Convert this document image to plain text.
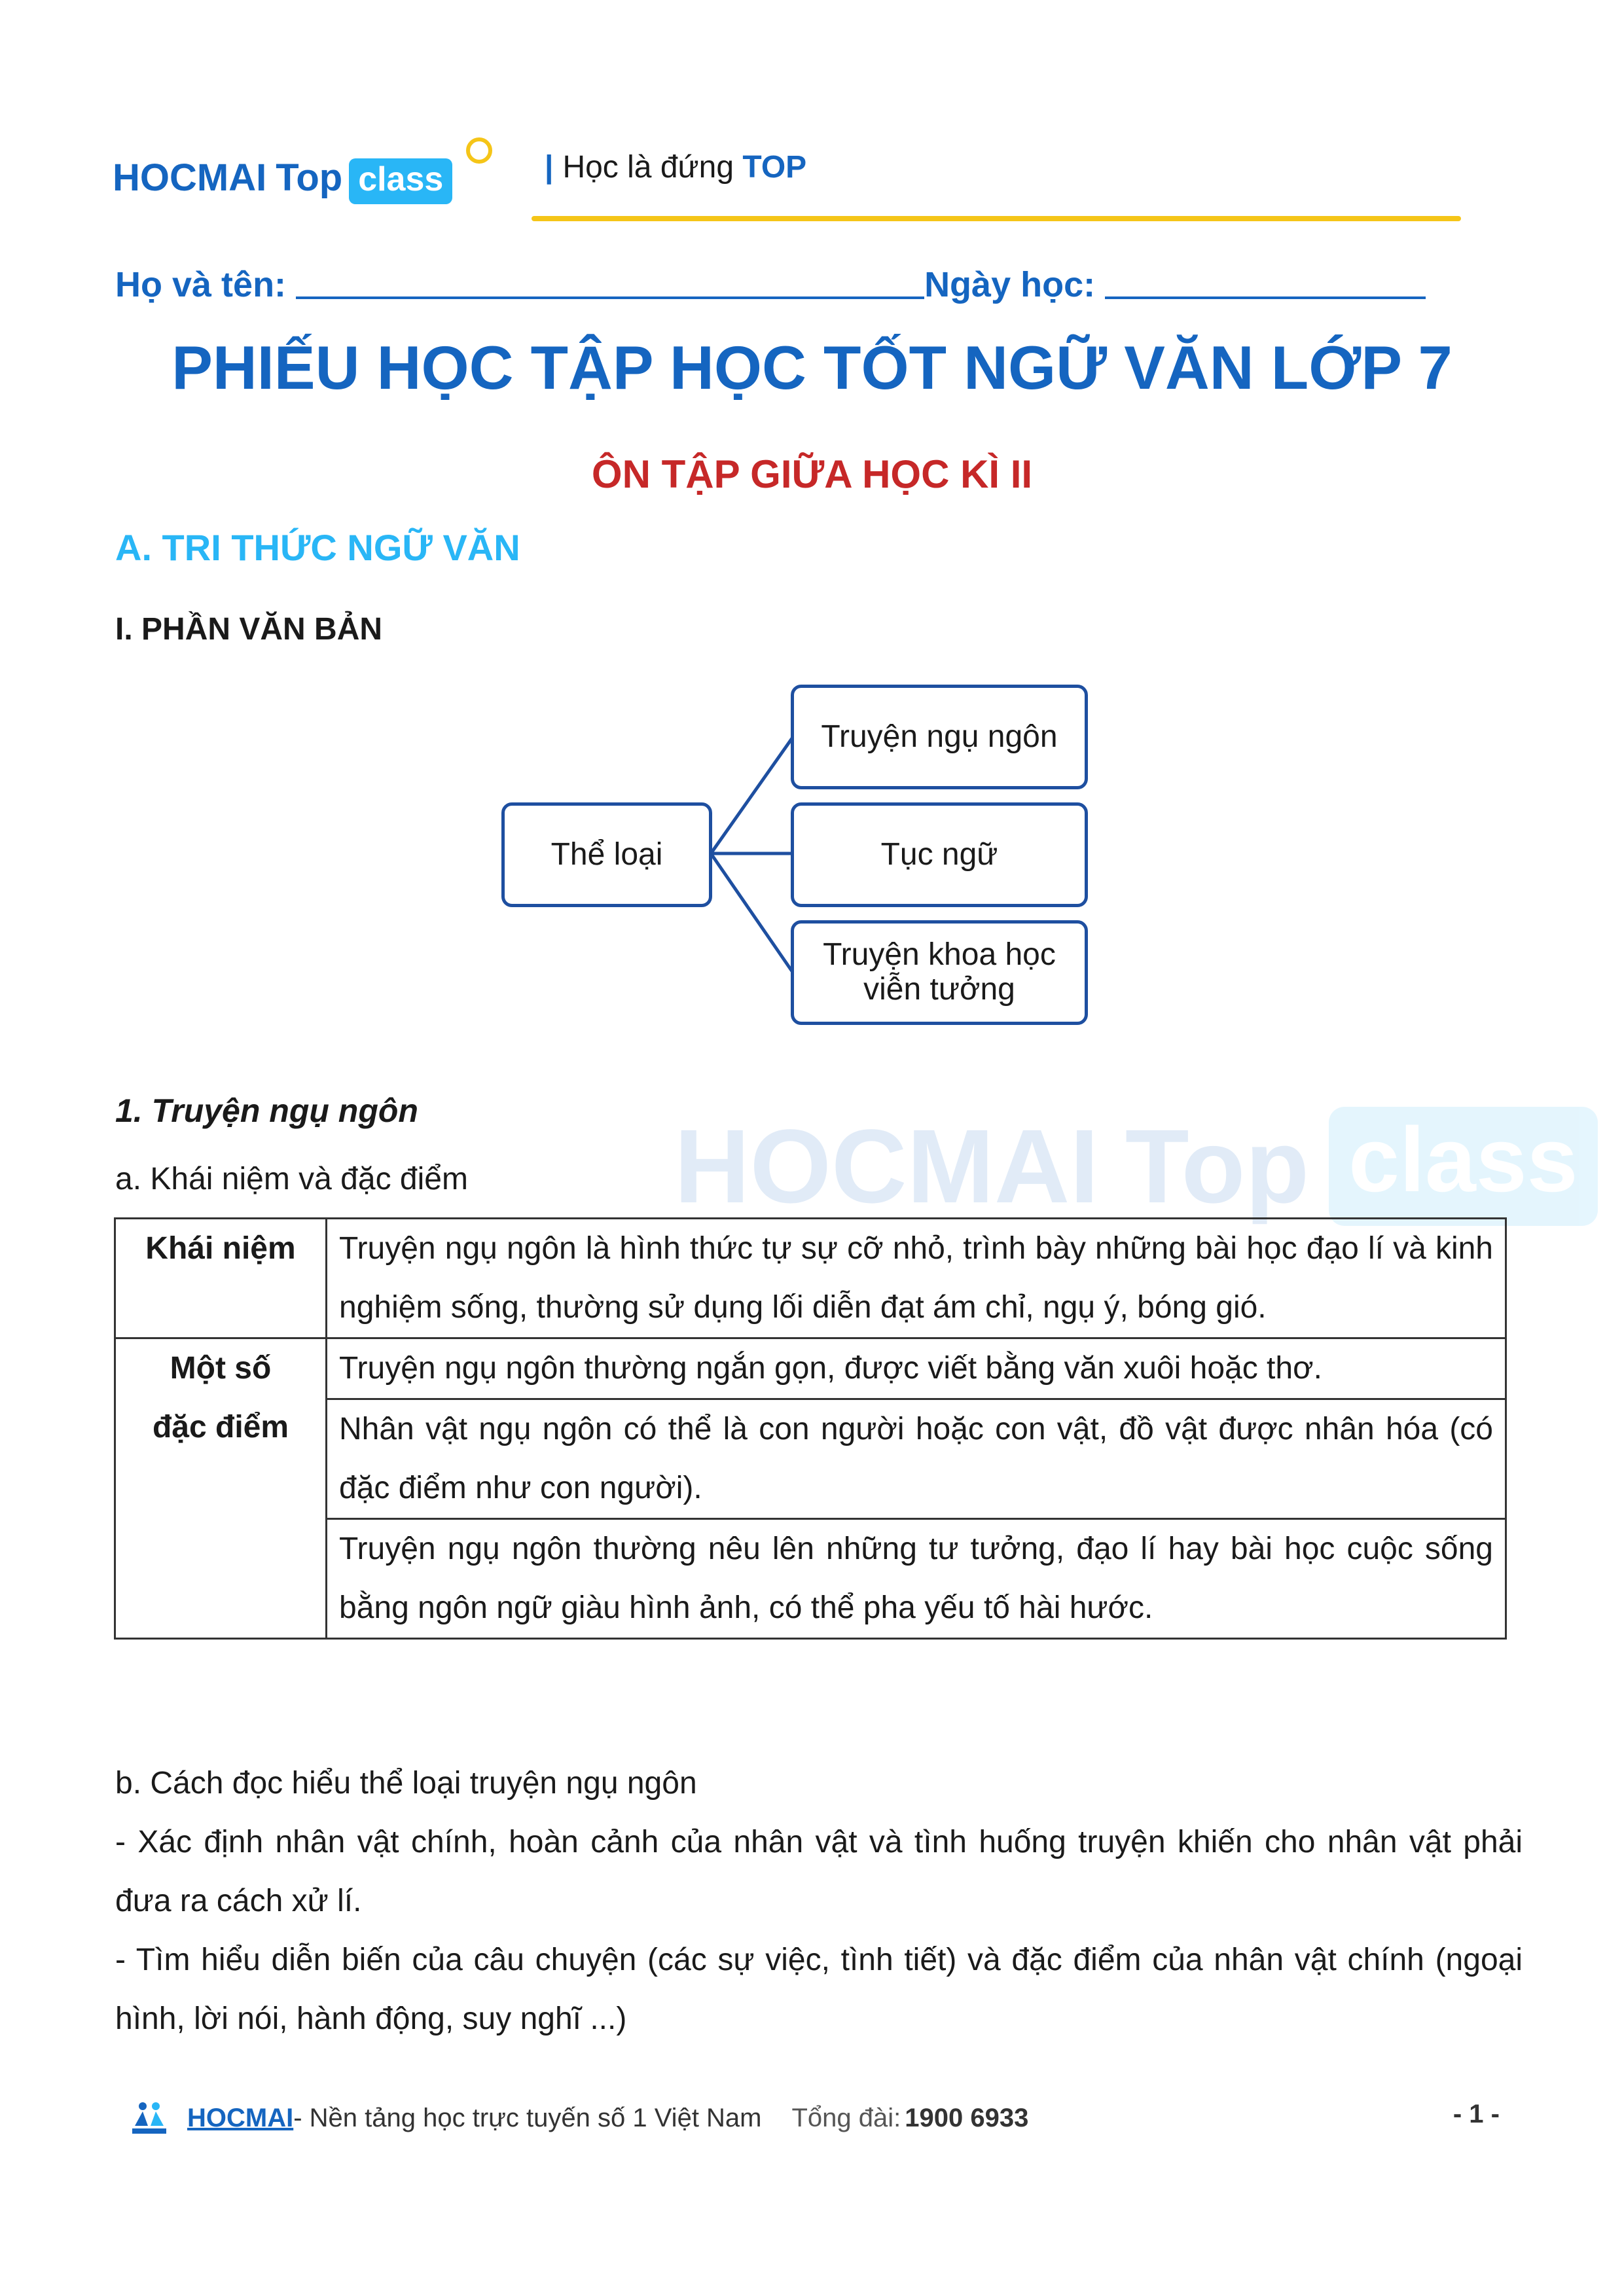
HOCMAI Top class	| Học là đứng TOP
Họ và tên:	Ngày học:
PHIẾU HỌC TẬP HỌC TỐT NGỮ VĂN LỚP 7
ÔN TẬP GIỮA HỌC KÌ II
A. TRI THỨC NGỮ VĂN
I. PHẦN VĂN BẢN
Thể loại
Truyện ngụ ngôn
Tục ngữ
Truyện khoa học
viễn tưởng
HOCMAI Top class
1. Truyện ngụ ngôn
a. Khái niệm và đặc điểm
Khái niệm	Truyện ngụ ngôn là hình thức tự sự cỡ nhỏ, trình bày những bài học đạo lí và kinh nghiệm sống, thường sử dụng lối diễn đạt ám chỉ, ngụ ý, bóng gió.

Một số
đặc điểm	Truyện ngụ ngôn thường ngắn gọn, được viết bằng văn xuôi hoặc thơ.
	Nhân vật ngụ ngôn có thể là con người hoặc con vật, đồ vật được nhân hóa (có đặc điểm như con người).
	Truyện ngụ ngôn thường nêu lên những tư tưởng, đạo lí hay bài học cuộc sống bằng ngôn ngữ giàu hình ảnh, có thể pha yếu tố hài hước.
b. Cách đọc hiểu thể loại truyện ngụ ngôn
- Xác định nhân vật chính, hoàn cảnh của nhân vật và tình huống truyện khiến cho nhân vật phải đưa ra cách xử lí.
- Tìm hiểu diễn biến của câu chuyện (các sự việc, tình tiết) và đặc điểm của nhân vật chính (ngoại hình, lời nói, hành động, suy nghĩ ...)
HOCMAI - Nền tảng học trực tuyến số 1 Việt Nam Tổng đài: 1900 6933	- 1 -
